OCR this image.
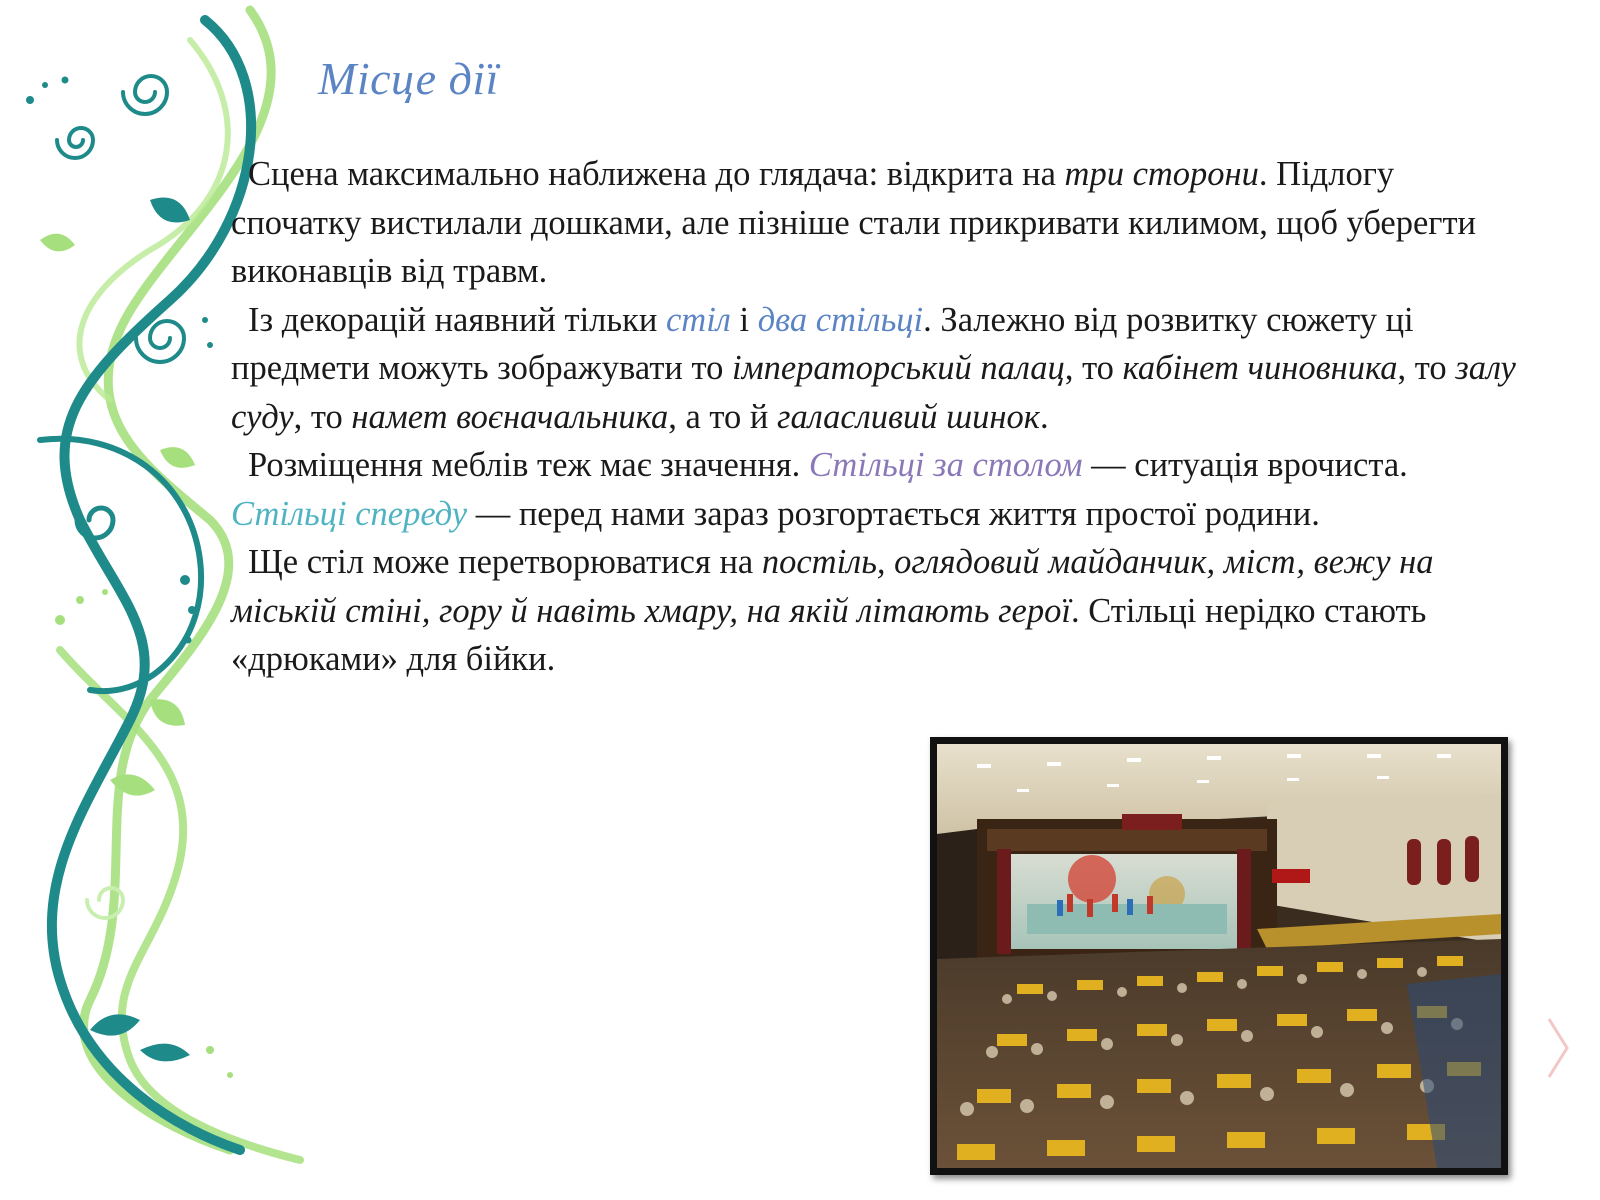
Місце дії

Сцена максимально наближена до глядача: відкрита на три сторони. Підлогу спочатку вистилали дошками, але пізніше стали прикривати килимом, щоб уберегти виконавців від травм.

Із декорацій наявний тільки стіл і два стільці. Залежно від розвитку сюжету ці предмети можуть зображувати то імператорський палац, то кабінет чиновника, то залу суду, то намет воєначальника, а то й галасливий шинок.

Розміщення меблів теж має значення. Стільці за столом — ситуація врочиста. Стільці спереду — перед нами зараз розгортається життя простої родини.

Ще стіл може перетворюватися на постіль, оглядовий майданчик, міст, вежу на міській стіні, гору й навіть хмару, на якій літають герої. Стільці нерідко стають «дрюками» для бійки.
